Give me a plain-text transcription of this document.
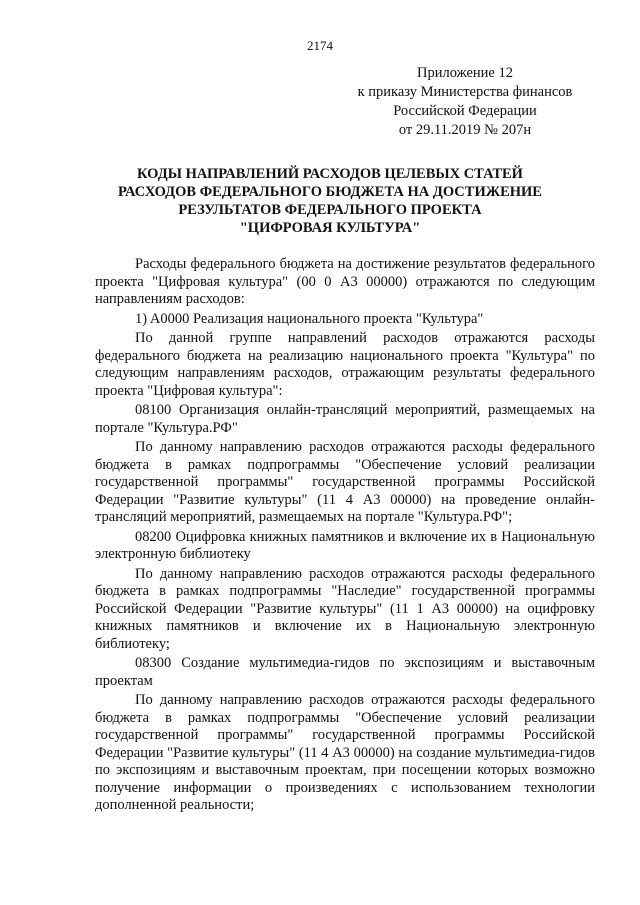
2174
Приложение 12
к приказу Министерства финансов
Российской Федерации
от 29.11.2019 № 207н
КОДЫ НАПРАВЛЕНИЙ РАСХОДОВ ЦЕЛЕВЫХ СТАТЕЙ
РАСХОДОВ ФЕДЕРАЛЬНОГО БЮДЖЕТА НА ДОСТИЖЕНИЕ
РЕЗУЛЬТАТОВ ФЕДЕРАЛЬНОГО ПРОЕКТА
"ЦИФРОВАЯ КУЛЬТУРА"

Расходы федерального бюджета на достижение результатов федерального проекта "Цифровая культура" (00 0 A3 00000) отражаются по следующим направлениям расходов:

1) A0000 Реализация национального проекта "Культура"

По данной группе направлений расходов отражаются расходы федерального бюджета на реализацию национального проекта "Культура" по следующим направлениям расходов, отражающим результаты федерального проекта "Цифровая культура":

08100 Организация онлайн-трансляций мероприятий, размещаемых на портале "Культура.РФ"

По данному направлению расходов отражаются расходы федерального бюджета в рамках подпрограммы "Обеспечение условий реализации государственной программы" государственной программы Российской Федерации "Развитие культуры" (11 4 A3 00000) на проведение онлайн-трансляций мероприятий, размещаемых на портале "Культура.РФ";

08200 Оцифровка книжных памятников и включение их в Национальную электронную библиотеку

По данному направлению расходов отражаются расходы федерального бюджета в рамках подпрограммы "Наследие" государственной программы Российской Федерации "Развитие культуры" (11 1 A3 00000) на оцифровку книжных памятников и включение их в Национальную электронную библиотеку;

08300 Создание мультимедиа-гидов по экспозициям и выставочным проектам

По данному направлению расходов отражаются расходы федерального бюджета в рамках подпрограммы "Обеспечение условий реализации государственной программы" государственной программы Российской Федерации "Развитие культуры" (11 4 A3 00000) на создание мультимедиа-гидов по экспозициям и выставочным проектам, при посещении которых возможно получение информации о произведениях с использованием технологии дополненной реальности;
